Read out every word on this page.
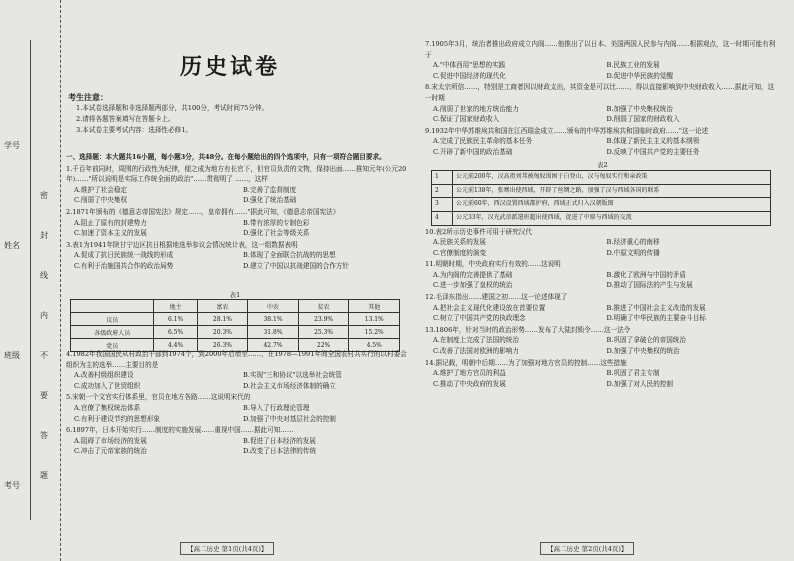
学号
姓名
班级
考号
密
封
线
内
不
要
答
题
历史试卷
考生注意：
1.本试卷选择题和非选择题两部分，共100分，考试时间75分钟。
2.请将各题答案填写在答题卡上。
3.本试卷主要考试内容：选择性必修1。

一、选择题：本大题共16小题，每小题3分，共48分。在每小题给出的四个选项中，只有一项符合题目要求。

1.千百年前同时，周围的行政性为纪律，便之成为地方有长官下，但官员负责的文物，保持出面……推知元年(公元20年)……"所以说明是实际工作统全面的政治"……贯彻明了 ……，这样

A.维护了社会稳定	B.完善了监督制度
C.削弱了中央集权	D.强化了统治基础

2.1871年颁布的《德意志帝国宪法》规定……，皇帝拥有……"据此可知，《德意志帝国宪法》

A.阻止了原有的封建势力	B.带有浓厚的专制色彩
C.加速了资本主义的发展	D.强化了社会等级关系

3.表1为1941年陕甘宁边区抗日根据地选举参议会情况统计表，这一组数据表明

A.促成了抗日民族统一战线的形成	B.体现了全面联合抗战的的思想
C.有利于治施国共合作的政治局势	D.建立了中国以抗战建国的合作方针
表1
	地主	富农	中农	贫农	其他
议员	6.1%	28.1%	38.1%	23.9%	13.1%
各级政府人员	6.5%	20.3%	31.8%	25.3%	15.2%
党员	4.4%	26.3%	42.7%	22%	4.5%

4.1982年我国国民从村政治干部到1974个，到2000年后增至……，在1978—1991年间全国农村共实行的以村委会组织为主的选举……主要目的是

A.改善村级组织建设	B.实现"三和协议"以选举社会统管
C.成功加入了世贸组织	D.社会主义市场经济体制的确立

5.宋朝一个文官实行体系里，官员在地方各路……这说明宋代的

A.官僚了集权统治体系	B.导入了行政理论管理
C.有利于建设节约的思想形象	D.加强了中央对基层社会的控制

6.1897年，日本开始实行……制度的实施发展……重视中国……据此可知……

A.阻碍了市场经济的发展	B.促进了日本经济的发展
C.冲击了元帝家族的统治	D.改变了日本法律的传统

7.1905年3月，统治者推出政府成立内阁……他推出了以日本、美国两国人民参与内阁……根据观点，这一时期可能有利于

A."中体西用"思想的实践	B.民族工业的发展
C.促进中国经济的现代化	D.促进中华民族的觉醒

8.宋太宗所信……，特别是工商者因以财政支出，其资金是可以比……，得以直接影响到中央财政收入……据此可知，这一时期

A.削弱了世家的地方统治能力	B.加强了中央集权统治
C.保证了国家财政收入	D.削弱了国家的财政收入

9.1932年中华苏维埃共和国在江西瑞金成立……颁布的中华苏维埃共和国临时政府……"这一论述

A.完成了民族民主革命的基本任务	B.体现了新民主主义的基本纲领
C.开辟了新中国的政治基础	D.反映了中国共产党的主要任务
表2
1	公元前200年，汉高祖刘邦被匈奴围困于白登山，汉与匈奴实行和亲政策
2	公元前138年，张骞出使西域，开辟了丝绸之路，加强了汉与西域各国的联系
3	公元前60年，西汉设置西域都护府，西域正式归入汉朝版图
4	公元33年，汉光武帝派遣班超出使西域，促进了中原与西域的交流

10.表2所示历史事件可用于研究汉代

A.民族关系的发展	B.经济重心的南移
C.官僚制度的演变	D.中原文明的传播

11.明朝时期，中央政府实行有效的……这说明

A.为内阁的完善提供了基础	B.激化了欧洲与中国的矛盾
C.进一步加强了皇权的统治	D.推动了国际法的产生与发展

12.毛泽东指出……建国之初……这一论述体现了

A.把社会主义现代化建设放在首要位置	B.推进了中国社会主义改造的发展
C.树立了中国共产党的执政理念	D.明确了中华民族的主要奋斗目标

13.1806年，针对当时的政治形势……发布了大陆封锁令……这一法令

A.在制度上完成了法国的统治	B.巩固了拿破仑的帝国统治
C.改善了法国对欧洲的影响力	D.加强了中央集权的统治

14.据记载，明朝中后期……为了加强对地方官员的控制……这些措施

A.维护了地方官员的利益	B.巩固了君主专制
C.推动了中央政府的发展	D.加强了对人民的控制
【高二历史 第1页(共4页)】	【高二历史 第2页(共4页)】
